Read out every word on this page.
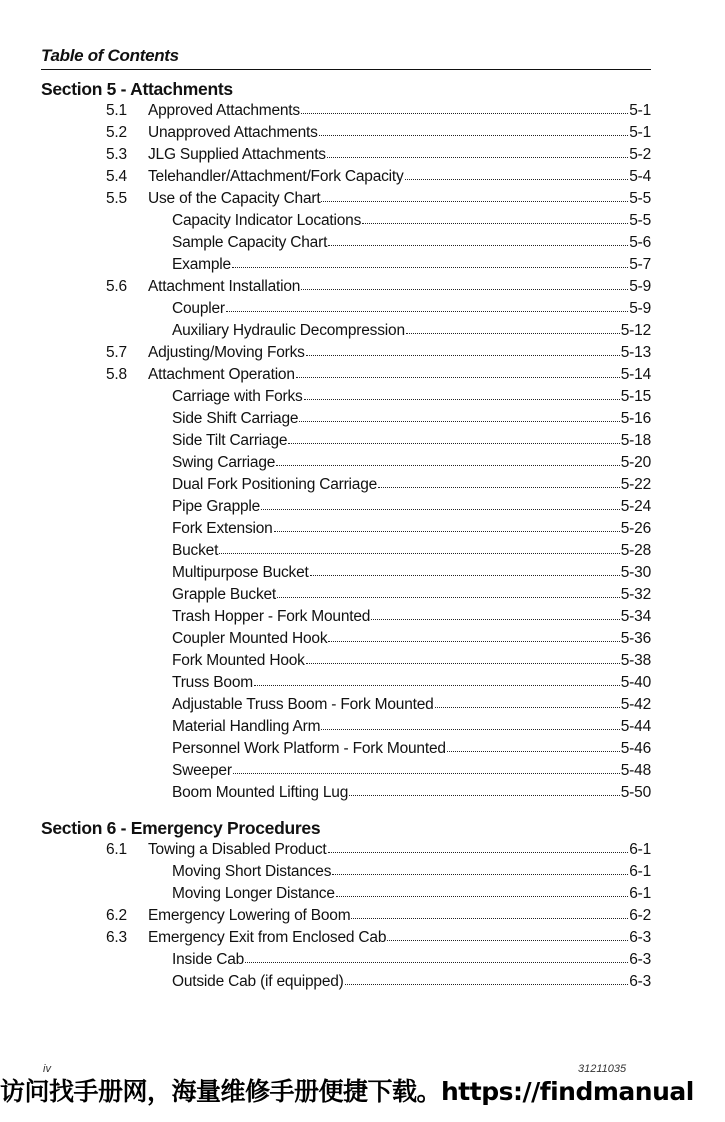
Table of Contents
Section 5 - Attachments
5.1 Approved Attachments	5-1
5.2 Unapproved Attachments	5-1
5.3 JLG Supplied Attachments	5-2
5.4 Telehandler/Attachment/Fork Capacity	5-4
5.5 Use of the Capacity Chart	5-5
Capacity Indicator Locations	5-5
Sample Capacity Chart	5-6
Example	5-7
5.6 Attachment Installation	5-9
Coupler	5-9
Auxiliary Hydraulic Decompression	5-12
5.7 Adjusting/Moving Forks	5-13
5.8 Attachment Operation	5-14
Carriage with Forks	5-15
Side Shift Carriage	5-16
Side Tilt Carriage	5-18
Swing Carriage	5-20
Dual Fork Positioning Carriage	5-22
Pipe Grapple	5-24
Fork Extension	5-26
Bucket	5-28
Multipurpose Bucket	5-30
Grapple Bucket	5-32
Trash Hopper - Fork Mounted	5-34
Coupler Mounted Hook	5-36
Fork Mounted Hook	5-38
Truss Boom	5-40
Adjustable Truss Boom - Fork Mounted	5-42
Material Handling Arm	5-44
Personnel Work Platform - Fork Mounted	5-46
Sweeper	5-48
Boom Mounted Lifting Lug	5-50
Section 6 - Emergency Procedures
6.1 Towing a Disabled Product	6-1
Moving Short Distances	6-1
Moving Longer Distance	6-1
6.2 Emergency Lowering of Boom	6-2
6.3 Emergency Exit from Enclosed Cab	6-3
Inside Cab	6-3
Outside Cab (if equipped)	6-3
iv	31211035
访问找手册网，海量维修手册便捷下载。https://findmanual
